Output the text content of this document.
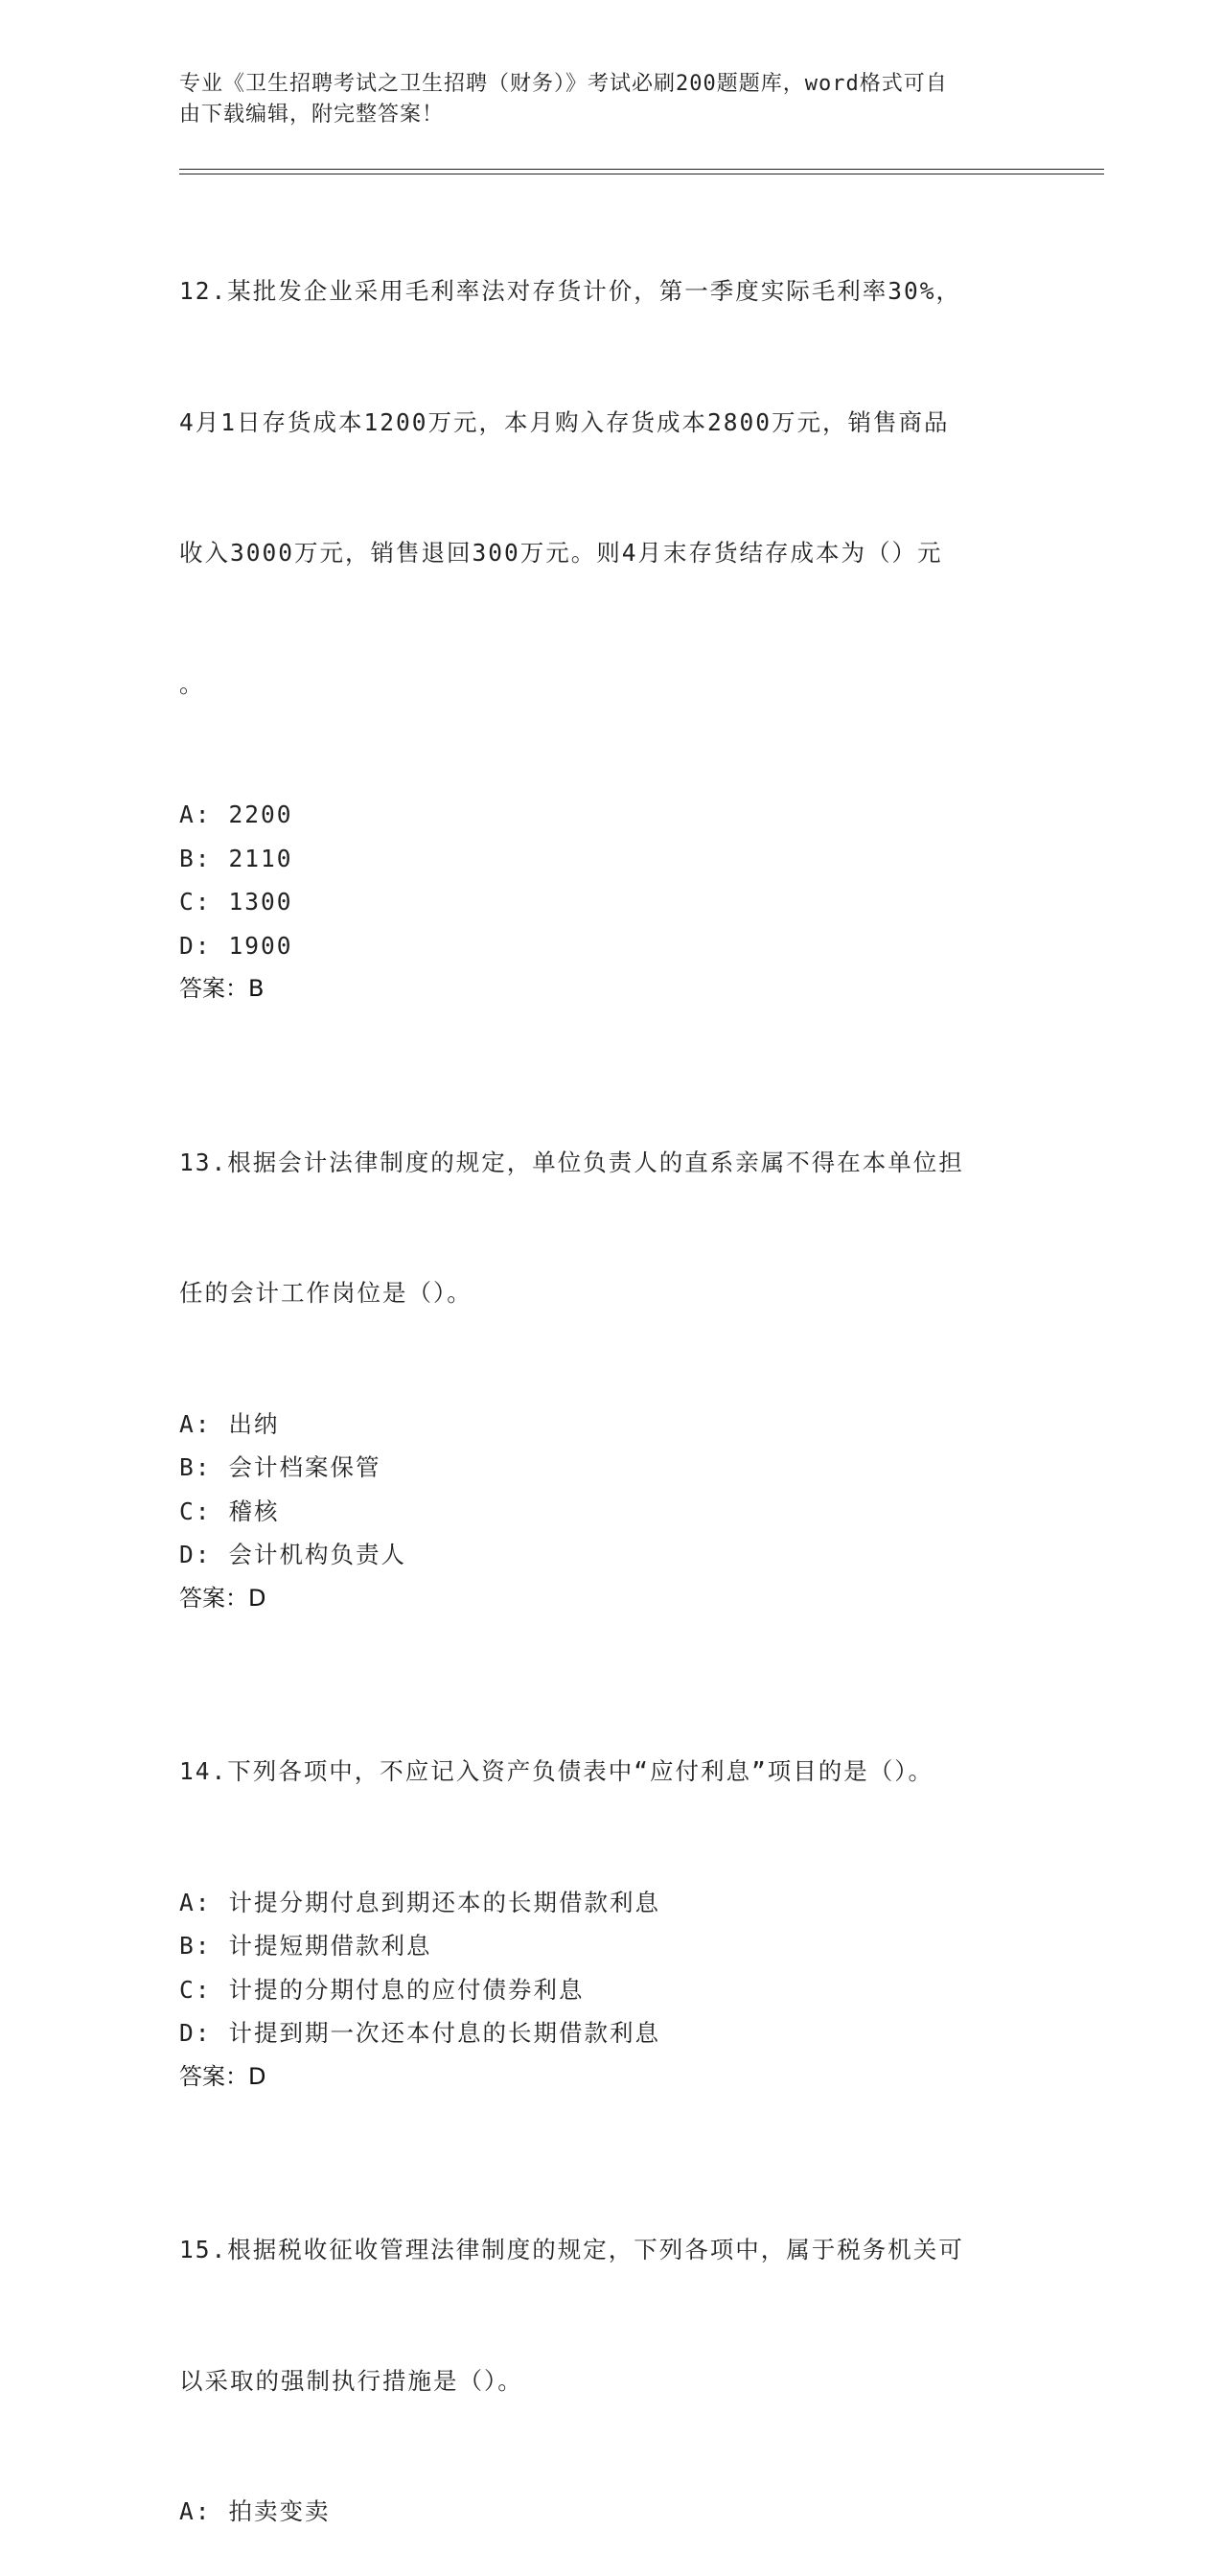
专业《卫生招聘考试之卫生招聘（财务）》考试必刷200题题库，word格式可自
由下载编辑，附完整答案！

12.某批发企业采用毛利率法对存货计价，第一季度实际毛利率30%，

4月1日存货成本1200万元，本月购入存货成本2800万元，销售商品

收入3000万元，销售退回300万元。则4月末存货结存成本为（）元

。

A: 2200
B: 2110
C: 1300
D: 1900
答案：B

13.根据会计法律制度的规定，单位负责人的直系亲属不得在本单位担

任的会计工作岗位是（）。

A: 出纳
B: 会计档案保管
C: 稽核
D: 会计机构负责人
答案：D

14.下列各项中，不应记入资产负债表中“应付利息”项目的是（）。

A: 计提分期付息到期还本的长期借款利息
B: 计提短期借款利息
C: 计提的分期付息的应付债券利息
D: 计提到期一次还本付息的长期借款利息
答案：D

15.根据税收征收管理法律制度的规定，下列各项中，属于税务机关可

以采取的强制执行措施是（）。

A: 拍卖变卖
